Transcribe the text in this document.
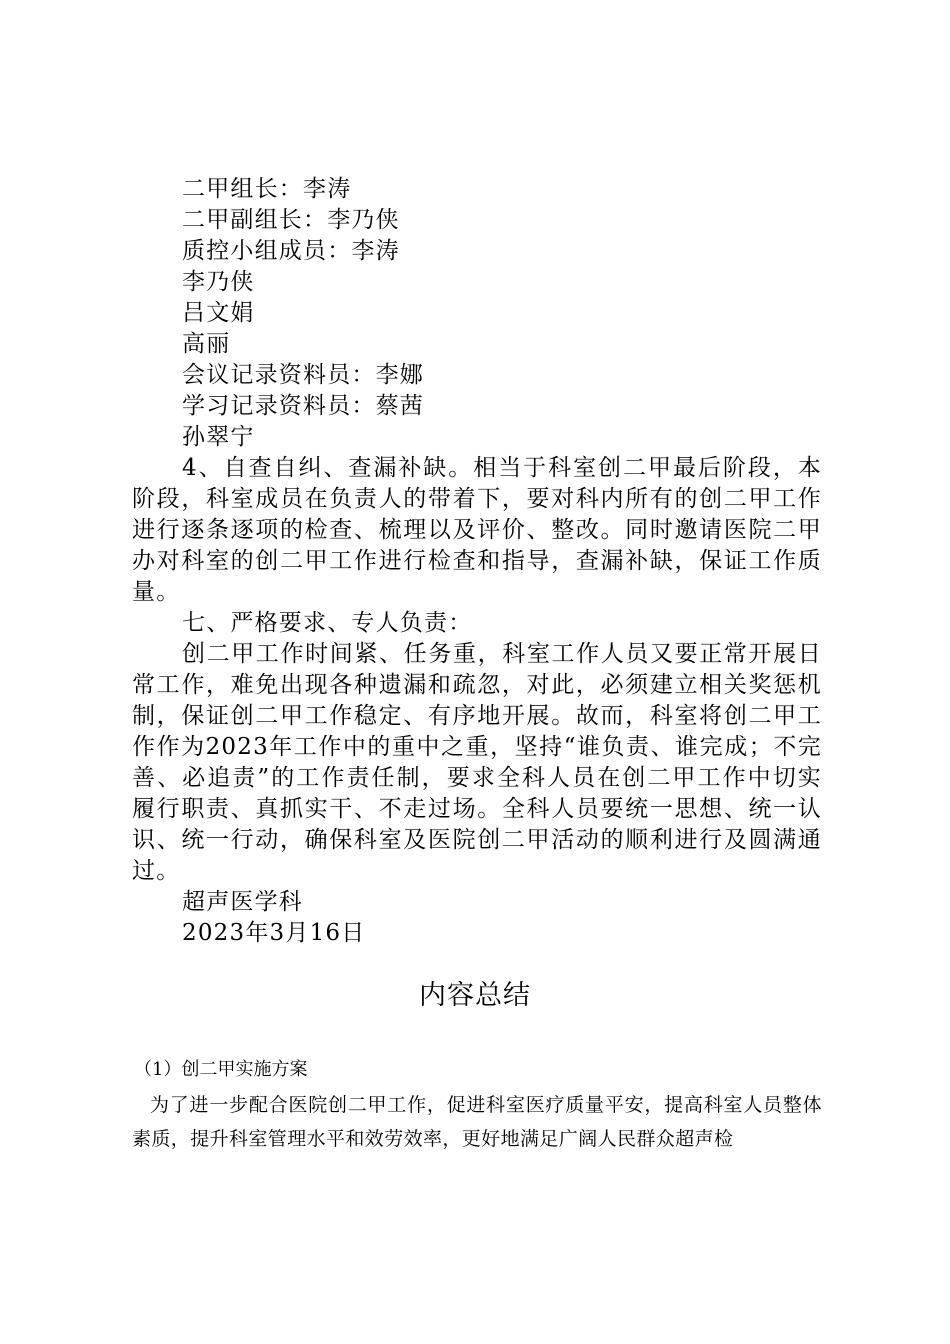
二甲组长：李涛

二甲副组长：李乃侠

质控小组成员：李涛

李乃侠

吕文娟

高丽

会议记录资料员：李娜

学习记录资料员：蔡茜

孙翠宁

4、自查自纠、查漏补缺。相当于科室创二甲最后阶段，本阶段，科室成员在负责人的带着下，要对科内所有的创二甲工作进行逐条逐项的检查、梳理以及评价、整改。同时邀请医院二甲办对科室的创二甲工作进行检查和指导，查漏补缺，保证工作质量。

七、严格要求、专人负责：

创二甲工作时间紧、任务重，科室工作人员又要正常开展日常工作，难免出现各种遗漏和疏忽，对此，必须建立相关奖惩机制，保证创二甲工作稳定、有序地开展。故而，科室将创二甲工作作为2023年工作中的重中之重，坚持“谁负责、谁完成；不完善、必追责”的工作责任制，要求全科人员在创二甲工作中切实履行职责、真抓实干、不走过场。全科人员要统一思想、统一认识、统一行动，确保科室及医院创二甲活动的顺利进行及圆满通过。

超声医学科

2023年3月16日

内容总结
（1）创二甲实施方案

为了进一步配合医院创二甲工作，促进科室医疗质量平安，提高科室人员整体素质，提升科室管理水平和效劳效率，更好地满足广阔人民群众超声检
